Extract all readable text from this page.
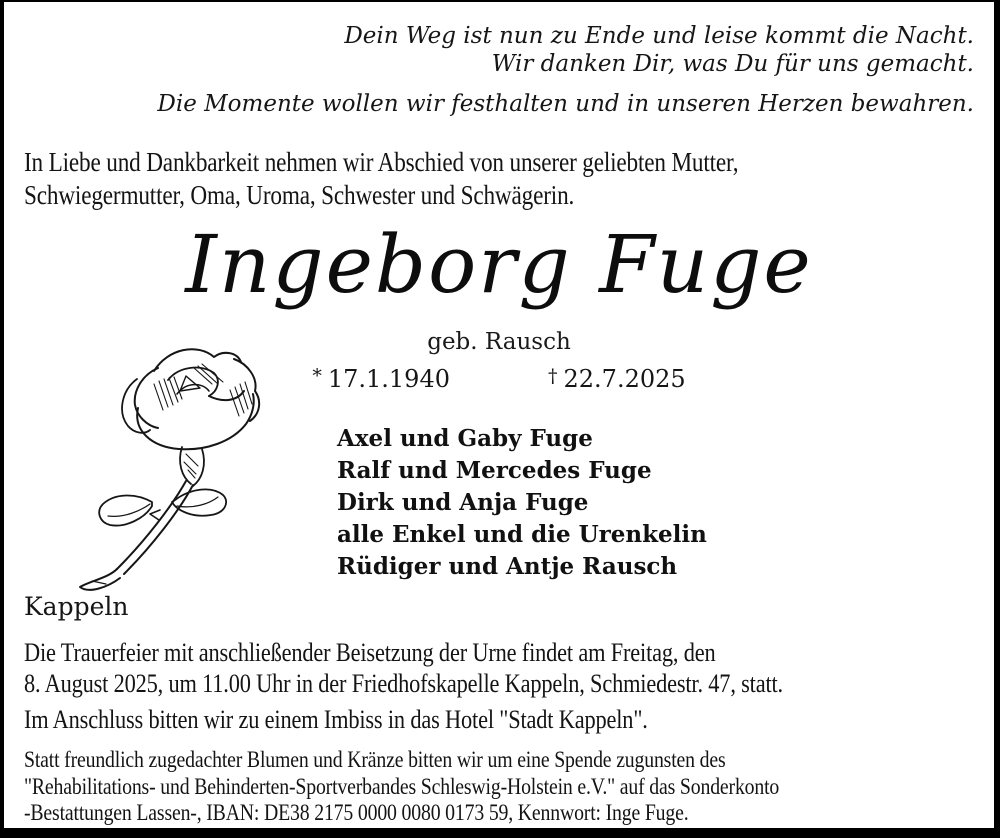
Dein Weg ist nun zu Ende und leise kommt die Nacht.
Wir danken Dir, was Du für uns gemacht.
Die Momente wollen wir festhalten und in unseren Herzen bewahren.
In Liebe und Dankbarkeit nehmen wir Abschied von unserer geliebten Mutter,
Schwiegermutter, Oma, Uroma, Schwester und Schwägerin.
Ingeborg Fuge
geb. Rausch
* 17.1.1940	† 22.7.2025
Axel und Gaby Fuge
Ralf und Mercedes Fuge
Dirk und Anja Fuge
alle Enkel und die Urenkelin
Rüdiger und Antje Rausch
Kappeln
Die Trauerfeier mit anschließender Beisetzung der Urne findet am Freitag, den
8. August 2025, um 11.00 Uhr in der Friedhofskapelle Kappeln, Schmiedestr. 47, statt.
Im Anschluss bitten wir zu einem Imbiss in das Hotel "Stadt Kappeln".
Statt freundlich zugedachter Blumen und Kränze bitten wir um eine Spende zugunsten des
"Rehabilitations- und Behinderten-Sportverbandes Schleswig-Holstein e.V." auf das Sonderkonto
-Bestattungen Lassen-, IBAN: DE38 2175 0000 0080 0173 59, Kennwort: Inge Fuge.
